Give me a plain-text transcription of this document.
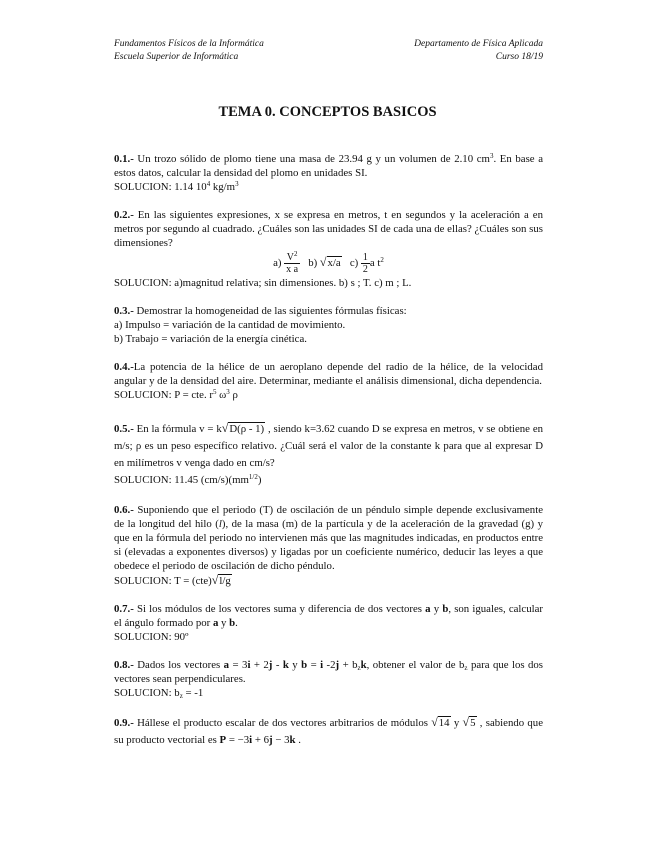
Fundamentos Físicos de la Informática
Escuela Superior de Informática
Departamento de Física Aplicada
Curso 18/19
TEMA 0. CONCEPTOS BASICOS

0.1.- Un trozo sólido de plomo tiene una masa de 23.94 g y un volumen de 2.10 $cm^3$. En base a estos datos, calcular la densidad del plomo en unidades SI.

SOLUCION: 1.14 $10^4$ $kg/m^3$

0.2.- En las siguientes expresiones, x se expresa en metros, t en segundos y la aceleración a en metros por segundo al cuadrado. ¿Cuáles son las unidades SI de cada una de ellas? ¿Cuáles son sus dimensiones?

$a) \frac{V^2}{\text{x a}} b$) √x/a $c) \frac{1}{2}$ a $t^2$

SOLUCION: a)magnitud relativa; sin dimensiones. b) s ; T. c) m ; L.

0.3.- Demostrar la homogeneidad de las siguientes fórmulas físicas:

a) Impulso = variación de la cantidad de movimiento.

b) Trabajo = variación de la energía cinética.

0.4.-La potencia de la hélice de un aeroplano depende del radio de la hélice, de la velocidad angular y de la densidad del aire. Determinar, mediante el análisis dimensional, dicha dependencia.

SOLUCION: P = cte. $r^5$ $\omega^3$ ρ

0.5.- En la fórmula v = k√D(ρ - 1) , siendo k=3.62 cuando D se expresa en metros, v se obtiene en m/s; ρ es un peso específico relativo. ¿Cuál será el valor de la constante k para que al expresar D en milímetros v venga dado en cm/s?

SOLUCION: 11.45 $(cm/s)(mm^{1/2})$

0.6.- Suponiendo que el periodo (T) de oscilación de un péndulo simple depende exclusivamente de la longitud del hilo (l), de la masa (m) de la partícula y de la aceleración de la gravedad (g) y que en la fórmula del periodo no intervienen más que las magnitudes indicadas, en productos entre si (elevadas a exponentes diversos) y ligadas por un coeficiente numérico, deducir las leyes a que obedece el periodo de oscilación de dicho péndulo.

SOLUCION: T = (cte)√l/g

0.7.- Si los módulos de los vectores suma y diferencia de dos vectores a y b, son iguales, calcular el ángulo formado por a y b.

SOLUCION: 90º

0.8.- Dados los vectores a = 3i + 2j - k y b = i $-2j + b_zk$, obtener el valor de $b_z$ para que los dos vectores sean perpendiculares.

SOLUCION: $b_z = -1$

0.9.- Hállese el producto escalar de dos vectores arbitrarios de módulos √14 y √5 , sabiendo que su producto vectorial es P = −3i + 6j − 3k .
